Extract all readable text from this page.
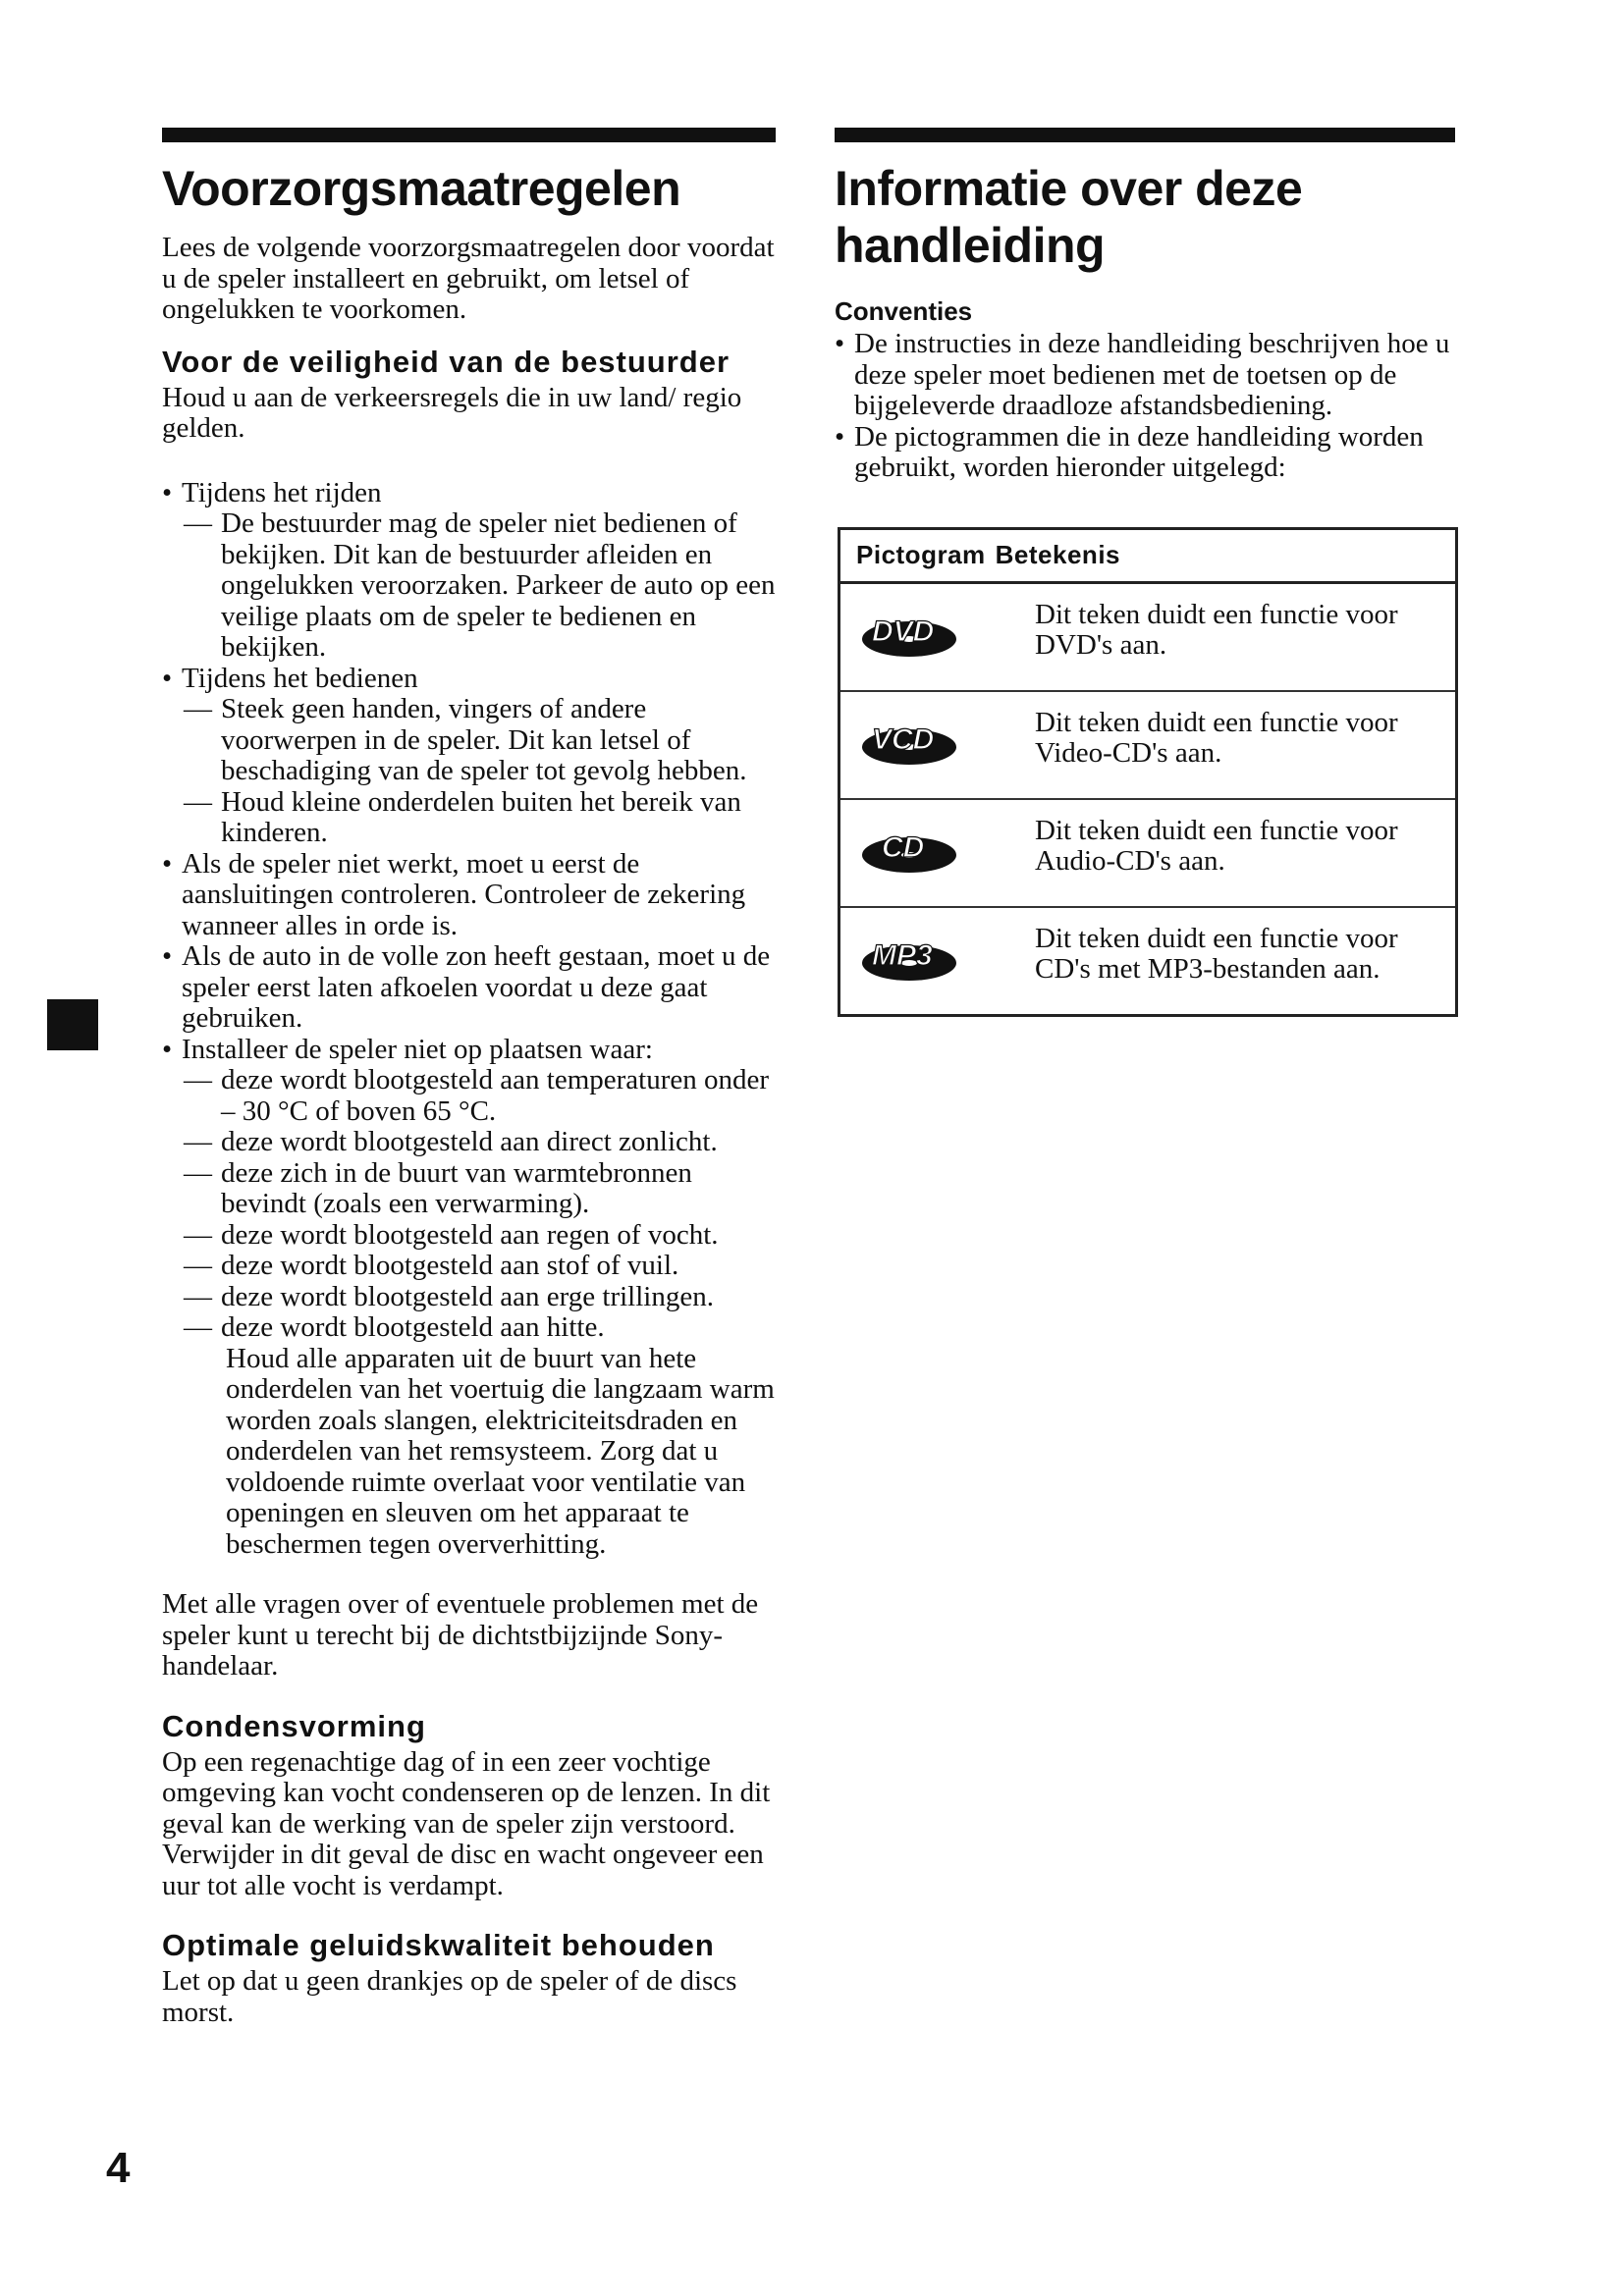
Voorzorgsmaatregelen

Lees de volgende voorzorgsmaatregelen door voordat u de speler installeert en gebruikt, om letsel of ongelukken te voorkomen.

Voor de veiligheid van de bestuurder

Houd u aan de verkeersregels die in uw land/ regio gelden.

• Tijdens het rijden
— De bestuurder mag de speler niet bedienen of bekijken. Dit kan de bestuurder afleiden en ongelukken veroorzaken. Parkeer de auto op een veilige plaats om de speler te bedienen en bekijken.
• Tijdens het bedienen
— Steek geen handen, vingers of andere voorwerpen in de speler. Dit kan letsel of beschadiging van de speler tot gevolg hebben.
— Houd kleine onderdelen buiten het bereik van kinderen.
• Als de speler niet werkt, moet u eerst de aansluitingen controleren. Controleer de zekering wanneer alles in orde is.
• Als de auto in de volle zon heeft gestaan, moet u de speler eerst laten afkoelen voordat u deze gaat gebruiken.
• Installeer de speler niet op plaatsen waar:
— deze wordt blootgesteld aan temperaturen onder – 30 °C of boven 65 °C.
— deze wordt blootgesteld aan direct zonlicht.
— deze zich in de buurt van warmtebronnen bevindt (zoals een verwarming).
— deze wordt blootgesteld aan regen of vocht.
— deze wordt blootgesteld aan stof of vuil.
— deze wordt blootgesteld aan erge trillingen.
— deze wordt blootgesteld aan hitte.
Houd alle apparaten uit de buurt van hete onderdelen van het voertuig die langzaam warm worden zoals slangen, elektriciteitsdraden en onderdelen van het remsysteem. Zorg dat u voldoende ruimte overlaat voor ventilatie van openingen en sleuven om het apparaat te beschermen tegen oververhitting.

Met alle vragen over of eventuele problemen met de speler kunt u terecht bij de dichtstbijzijnde Sony-handelaar.

Condensvorming

Op een regenachtige dag of in een zeer vochtige omgeving kan vocht condenseren op de lenzen. In dit geval kan de werking van de speler zijn verstoord. Verwijder in dit geval de disc en wacht ongeveer een uur tot alle vocht is verdampt.

Optimale geluidskwaliteit behouden

Let op dat u geen drankjes op de speler of de discs morst.

Informatie over deze
handleiding
Conventies
• De instructies in deze handleiding beschrijven hoe u deze speler moet bedienen met de toetsen op de bijgeleverde draadloze afstandsbediening.
• De pictogrammen die in deze handleiding worden gebruikt, worden hieronder uitgelegd:
Pictogram Betekenis
DVD
Dit teken duidt een functie voor DVD's aan.
VCD
Dit teken duidt een functie voor Video-CD's aan.
CD
Dit teken duidt een functie voor Audio-CD's aan.
MP3
Dit teken duidt een functie voor CD's met MP3-bestanden aan.
4
